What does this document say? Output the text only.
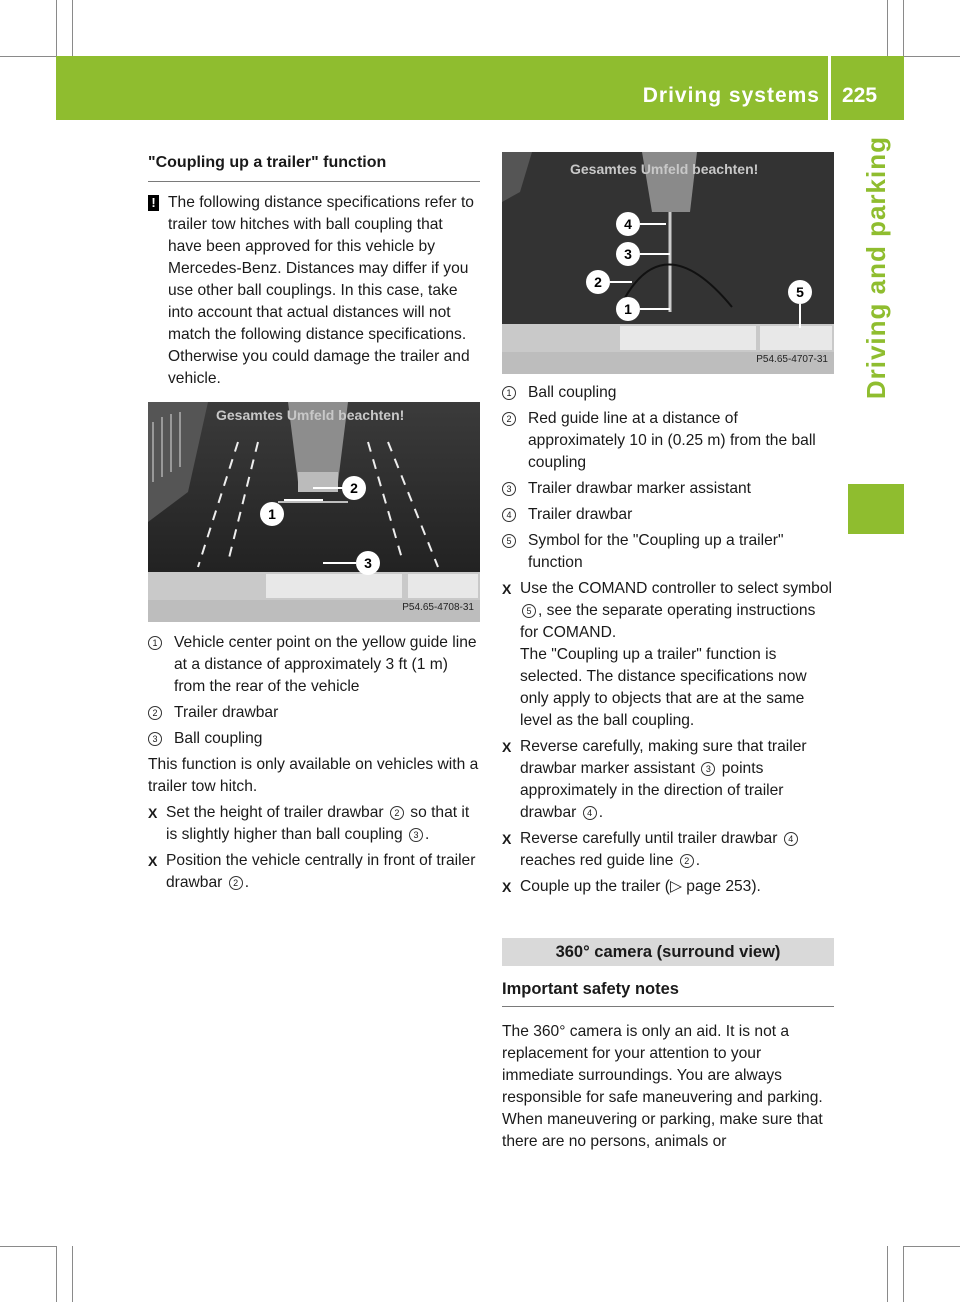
Driving systems 225
Driving and parking
"Coupling up a trailer" function
! The following distance specifications refer to trailer tow hitches with ball coupling that have been approved for this vehicle by Mercedes-Benz. Distances may differ if you use other ball couplings. In this case, take into account that actual distances will not match the following distance specifications. Otherwise you could damage the trailer and vehicle.
Gesamtes Umfeld beachten!
1
2
3
P54.65-4708-31
1 Vehicle center point on the yellow guide line at a distance of approximately 3 ft (1 m) from the rear of the vehicle
2 Trailer drawbar
3 Ball coupling
This function is only available on vehicles with a trailer tow hitch.
X Set the height of trailer drawbar 2 so that it is slightly higher than ball coupling 3 .
X Position the vehicle centrally in front of trailer drawbar 2 .
Gesamtes Umfeld beachten!
4
3
2
1
5
P54.65-4707-31
1 Ball coupling
2 Red guide line at a distance of approximately 10 in (0.25 m) from the ball coupling
3 Trailer drawbar marker assistant
4 Trailer drawbar
5 Symbol for the "Coupling up a trailer" function
X Use the COMAND controller to select symbol 5 , see the separate operating instructions for COMAND.
The "Coupling up a trailer" function is selected. The distance specifications now only apply to objects that are at the same level as the ball coupling.
X Reverse carefully, making sure that trailer drawbar marker assistant 3 points approximately in the direction of trailer drawbar 4 .
X Reverse carefully until trailer drawbar 4 reaches red guide line 2 .
X Couple up the trailer (▷ page 253).
360° camera (surround view)
Important safety notes
The 360° camera is only an aid. It is not a replacement for your attention to your immediate surroundings. You are always responsible for safe maneuvering and parking. When maneuvering or parking, make sure that there are no persons, animals or
